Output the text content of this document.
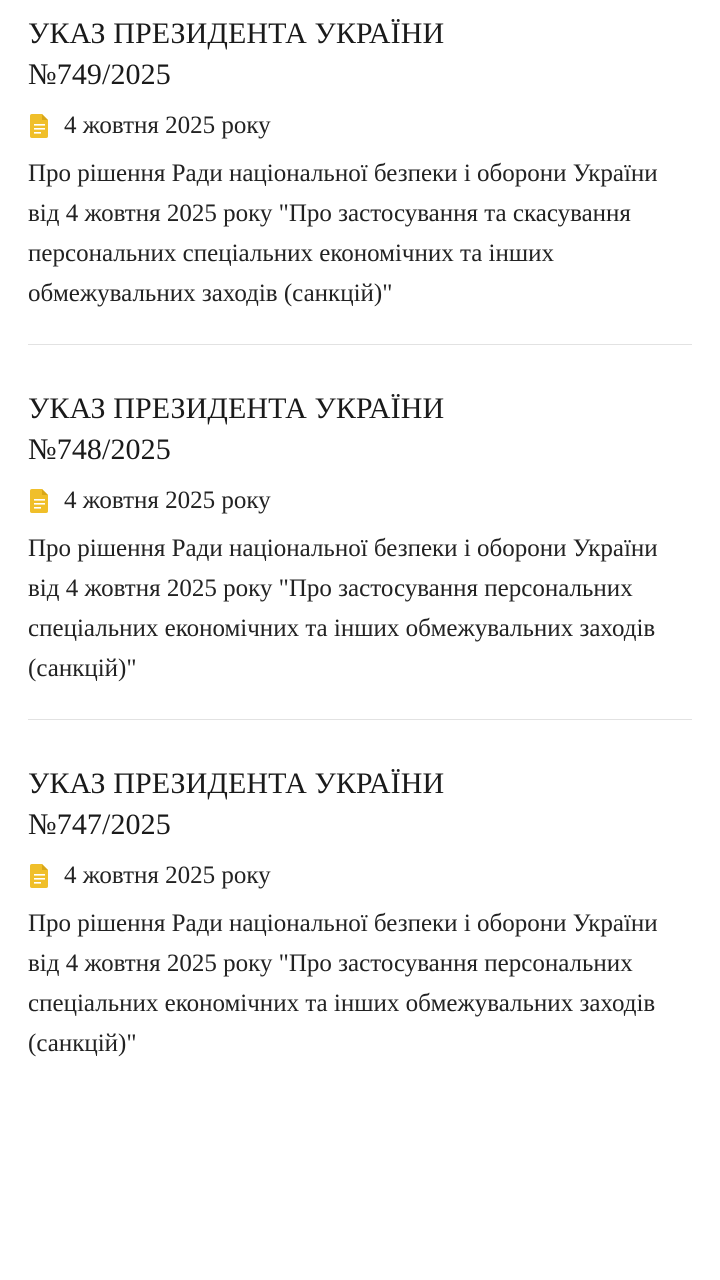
УКАЗ ПРЕЗИДЕНТА УКРАЇНИ
№749/2025
4 жовтня 2025 року

Про рішення Ради національної безпеки і оборони України від 4 жовтня 2025 року "Про застосування та скасування персональних спеціальних економічних та інших обмежувальних заходів (санкцій)"

УКАЗ ПРЕЗИДЕНТА УКРАЇНИ
№748/2025
4 жовтня 2025 року

Про рішення Ради національної безпеки і оборони України від 4 жовтня 2025 року "Про застосування персональних спеціальних економічних та інших обмежувальних заходів (санкцій)"

УКАЗ ПРЕЗИДЕНТА УКРАЇНИ
№747/2025
4 жовтня 2025 року

Про рішення Ради національної безпеки і оборони України від 4 жовтня 2025 року "Про застосування персональних спеціальних економічних та інших обмежувальних заходів (санкцій)"
